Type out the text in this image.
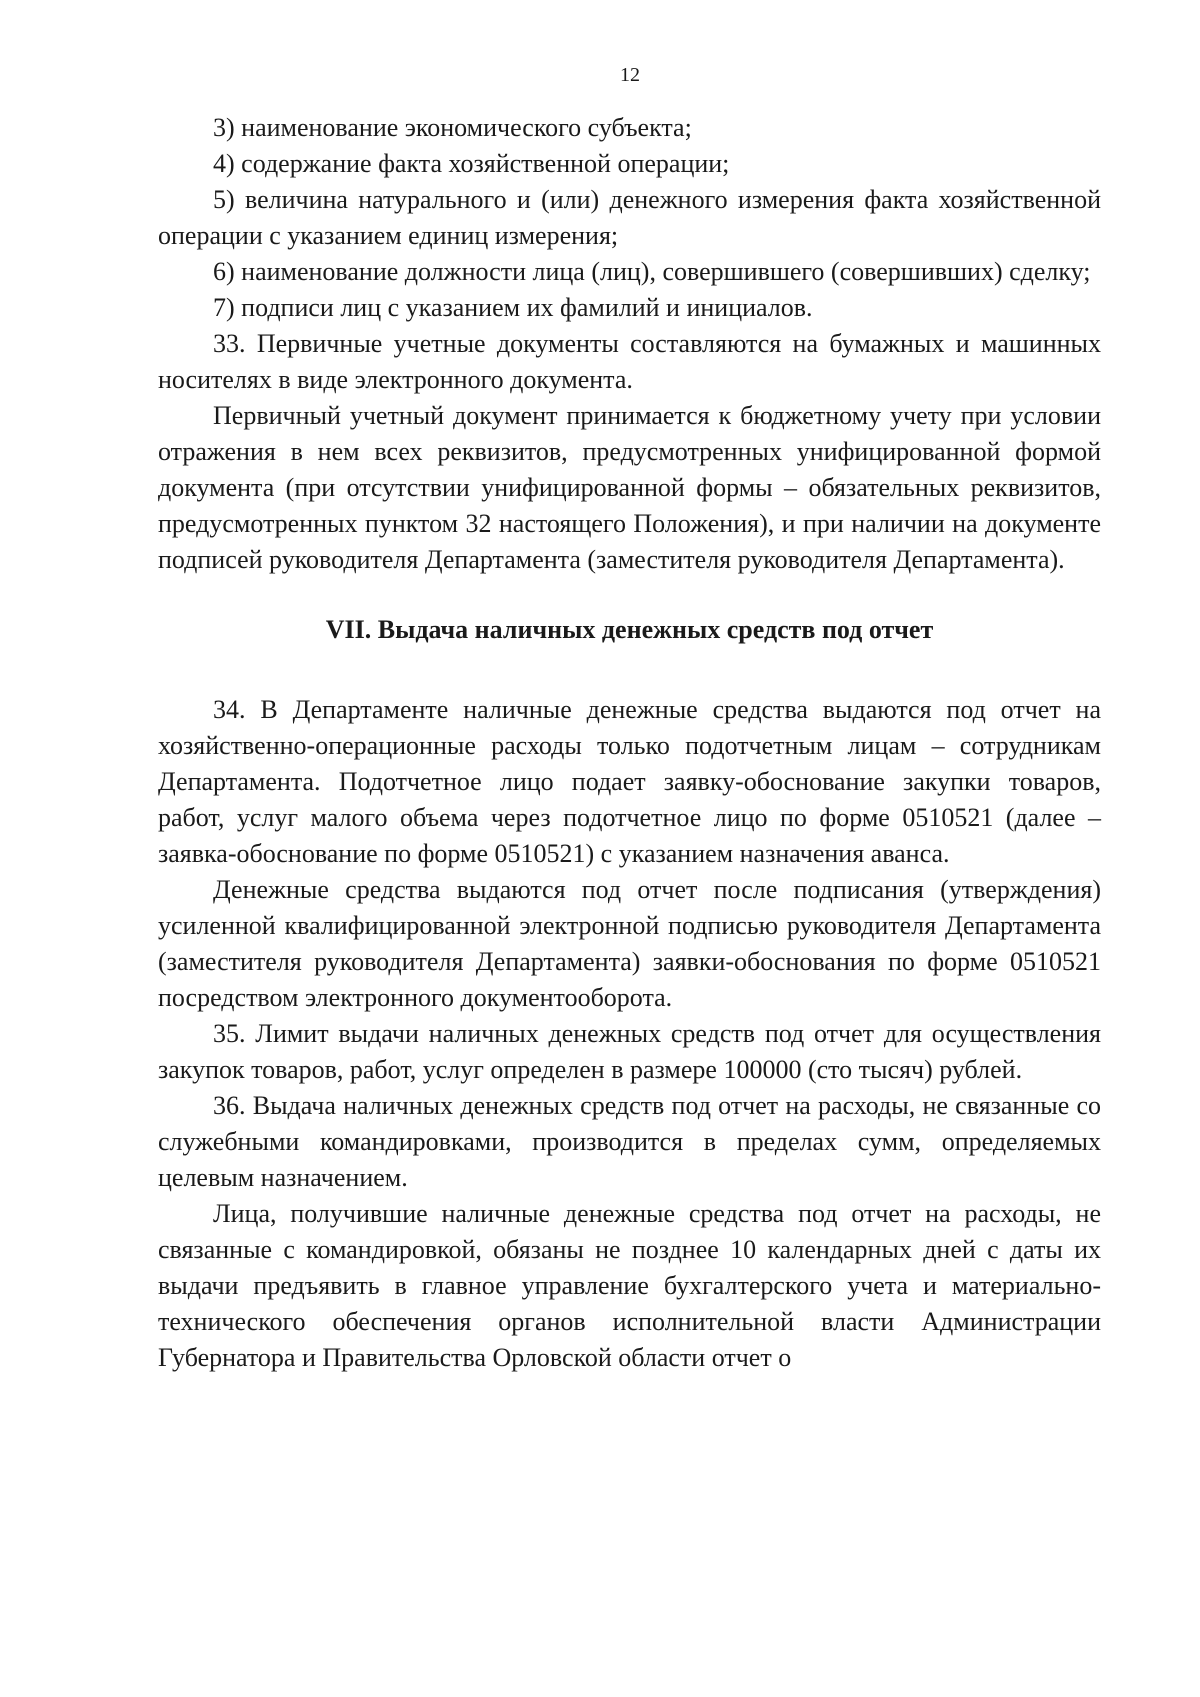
12

3) наименование экономического субъекта;

4) содержание факта хозяйственной операции;

5) величина натурального и (или) денежного измерения факта хозяйственной операции с указанием единиц измерения;

6) наименование должности лица (лиц), совершившего (совершивших) сделку;

7) подписи лиц с указанием их фамилий и инициалов.

33. Первичные учетные документы составляются на бумажных и машинных носителях в виде электронного документа.

Первичный учетный документ принимается к бюджетному учету при условии отражения в нем всех реквизитов, предусмотренных унифицированной формой документа (при отсутствии унифицированной формы – обязательных реквизитов, предусмотренных пунктом 32 настоящего Положения), и при наличии на документе подписей руководителя Департамента (заместителя руководителя Департамента).

VII. Выдача наличных денежных средств под отчет

34. В Департаменте наличные денежные средства выдаются под отчет на хозяйственно-операционные расходы только подотчетным лицам – сотрудникам Департамента. Подотчетное лицо подает заявку-обоснование закупки товаров, работ, услуг малого объема через подотчетное лицо по форме 0510521 (далее – заявка-обоснование по форме 0510521) с указанием назначения аванса.

Денежные средства выдаются под отчет после подписания (утверждения) усиленной квалифицированной электронной подписью руководителя Департамента (заместителя руководителя Департамента) заявки-обоснования по форме 0510521 посредством электронного документооборота.

35. Лимит выдачи наличных денежных средств под отчет для осуществления закупок товаров, работ, услуг определен в размере 100000 (сто тысяч) рублей.

36. Выдача наличных денежных средств под отчет на расходы, не связанные со служебными командировками, производится в пределах сумм, определяемых целевым назначением.

Лица, получившие наличные денежные средства под отчет на расходы, не связанные с командировкой, обязаны не позднее 10 календарных дней с даты их выдачи предъявить в главное управление бухгалтерского учета и материально-технического обеспечения органов исполнительной власти Администрации Губернатора и Правительства Орловской области отчет о
